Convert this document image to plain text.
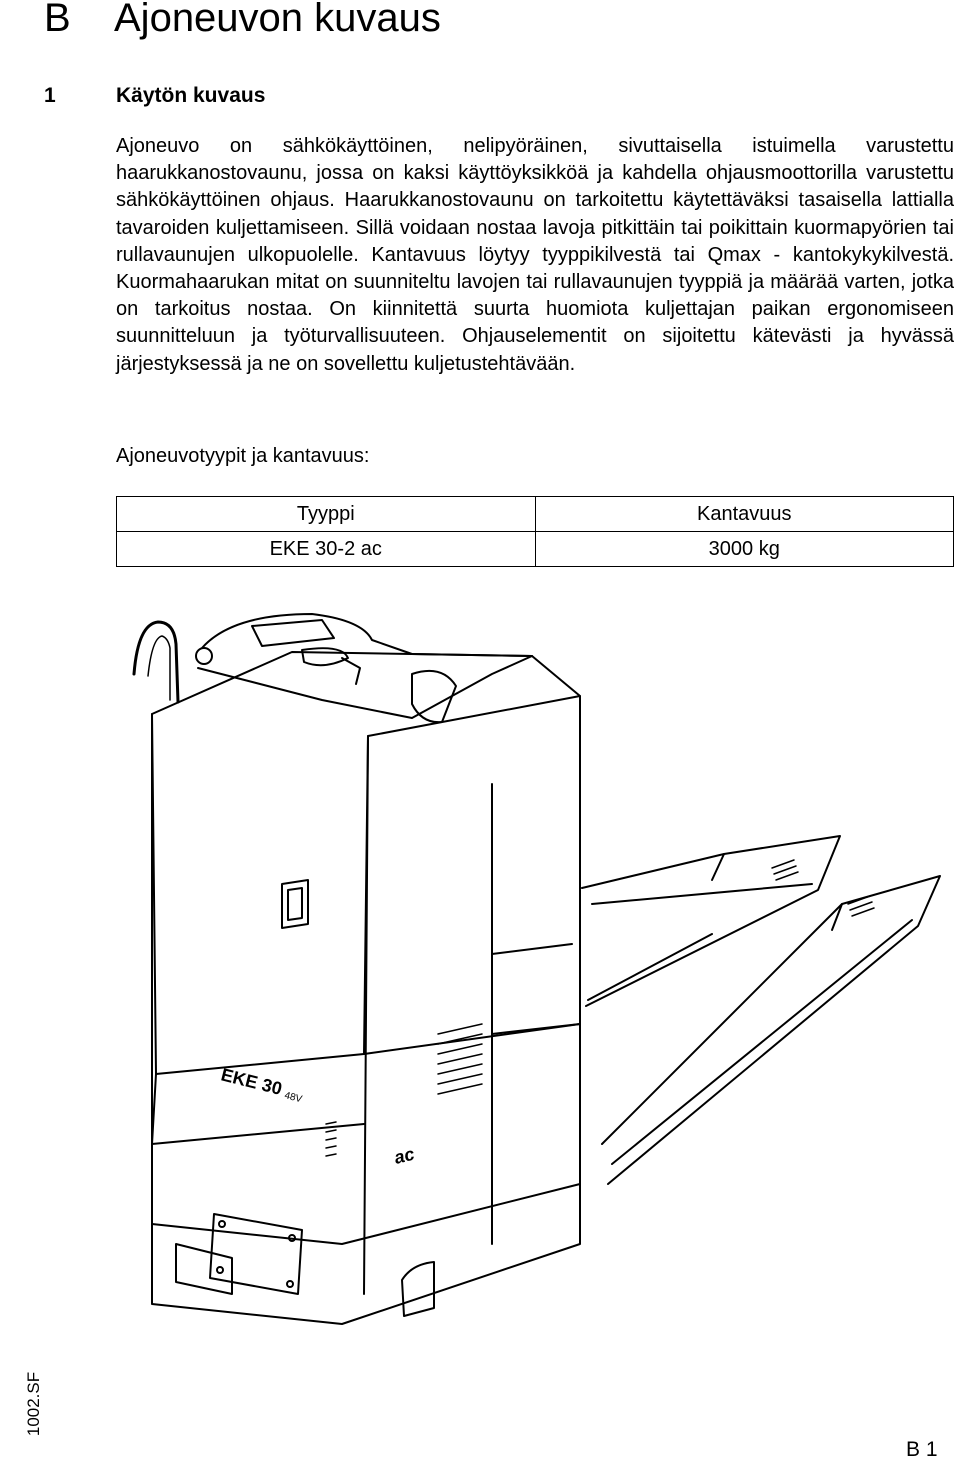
B Ajoneuvon kuvaus
1	Käytön kuvaus

Ajoneuvo on sähkökäyttöinen, nelipyöräinen, sivuttaisella istuimella varustettu haarukkanostovaunu, jossa on kaksi käyttöyksikköä ja kahdella ohjausmoottorilla varustettu sähkökäyttöinen ohjaus. Haarukkanostovaunu on tarkoitettu käytettäväksi tasaisella lattialla tavaroiden kuljettamiseen. Sillä voidaan nostaa lavoja pitkittäin tai poikittain kuormapyörien tai rullavaunujen ulkopuolelle. Kantavuus löytyy tyyppikilvestä tai Qmax - kantokykykilvestä. Kuormahaarukan mitat on suunniteltu lavojen tai rullavaunujen tyyppiä ja määrää varten, jotka on tarkoitus nostaa. On kiinnitettä suurta huomiota kuljettajan paikan ergonomiseen suunnitteluun ja työturvallisuuteen. Ohjauselementit on sijoitettu kätevästi ja hyvässä järjestyksessä ja ne on sovellettu kuljetustehtävään.

Ajoneuvotyypit ja kantavuus:
Tyyppi	Kantavuus
EKE 30-2 ac	3000 kg
EKE 30 48V
ac
1002.SF
B 1
